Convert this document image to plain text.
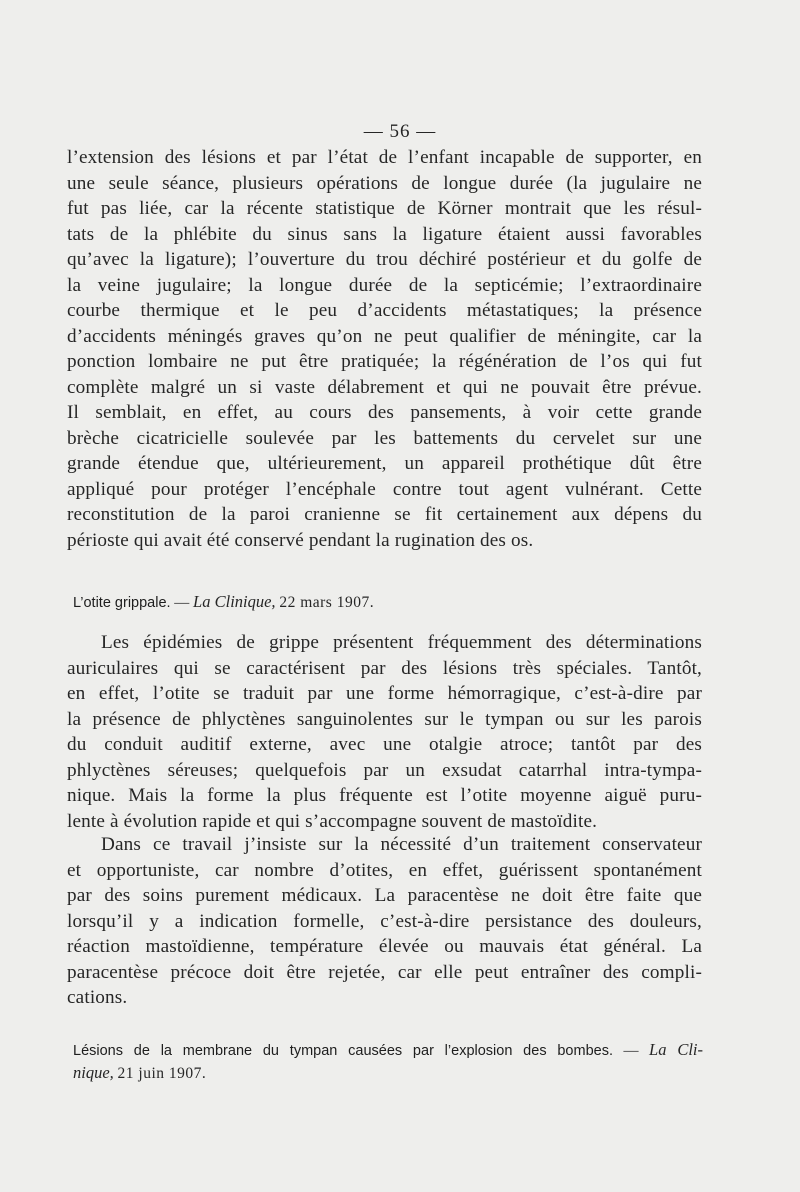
— 56 —
l’extension des lésions et par l’état de l’enfant incapable de supporter, en
une seule séance, plusieurs opérations de longue durée (la jugulaire ne
fut pas liée, car la récente statistique de Körner montrait que les résul-
tats de la phlébite du sinus sans la ligature étaient aussi favorables
qu’avec la ligature); l’ouverture du trou déchiré postérieur et du golfe de
la veine jugulaire; la longue durée de la septicémie; l’extraordinaire
courbe thermique et le peu d’accidents métastatiques; la présence
d’accidents méningés graves qu’on ne peut qualifier de méningite, car la
ponction lombaire ne put être pratiquée; la régénération de l’os qui fut
complète malgré un si vaste délabrement et qui ne pouvait être prévue.
Il semblait, en effet, au cours des pansements, à voir cette grande
brèche cicatricielle soulevée par les battements du cervelet sur une
grande étendue que, ultérieurement, un appareil prothétique dût être
appliqué pour protéger l’encéphale contre tout agent vulnérant. Cette
reconstitution de la paroi cranienne se fit certainement aux dépens du
périoste qui avait été conservé pendant la rugination des os.
L’otite grippale. — La Clinique, 22 mars 1907.
Les épidémies de grippe présentent fréquemment des déterminations
auriculaires qui se caractérisent par des lésions très spéciales. Tantôt,
en effet, l’otite se traduit par une forme hémorragique, c’est-à-dire par
la présence de phlyctènes sanguinolentes sur le tympan ou sur les parois
du conduit auditif externe, avec une otalgie atroce; tantôt par des
phlyctènes séreuses; quelquefois par un exsudat catarrhal intra-tympa-
nique. Mais la forme la plus fréquente est l’otite moyenne aiguë puru-
lente à évolution rapide et qui s’accompagne souvent de mastoïdite.
Dans ce travail j’insiste sur la nécessité d’un traitement conservateur
et opportuniste, car nombre d’otites, en effet, guérissent spontanément
par des soins purement médicaux. La paracentèse ne doit être faite que
lorsqu’il y a indication formelle, c’est-à-dire persistance des douleurs,
réaction mastoïdienne, température élevée ou mauvais état général. La
paracentèse précoce doit être rejetée, car elle peut entraîner des compli-
cations.
Lésions de la membrane du tympan causées par l’explosion des bombes. — La Cli-
nique, 21 juin 1907.
